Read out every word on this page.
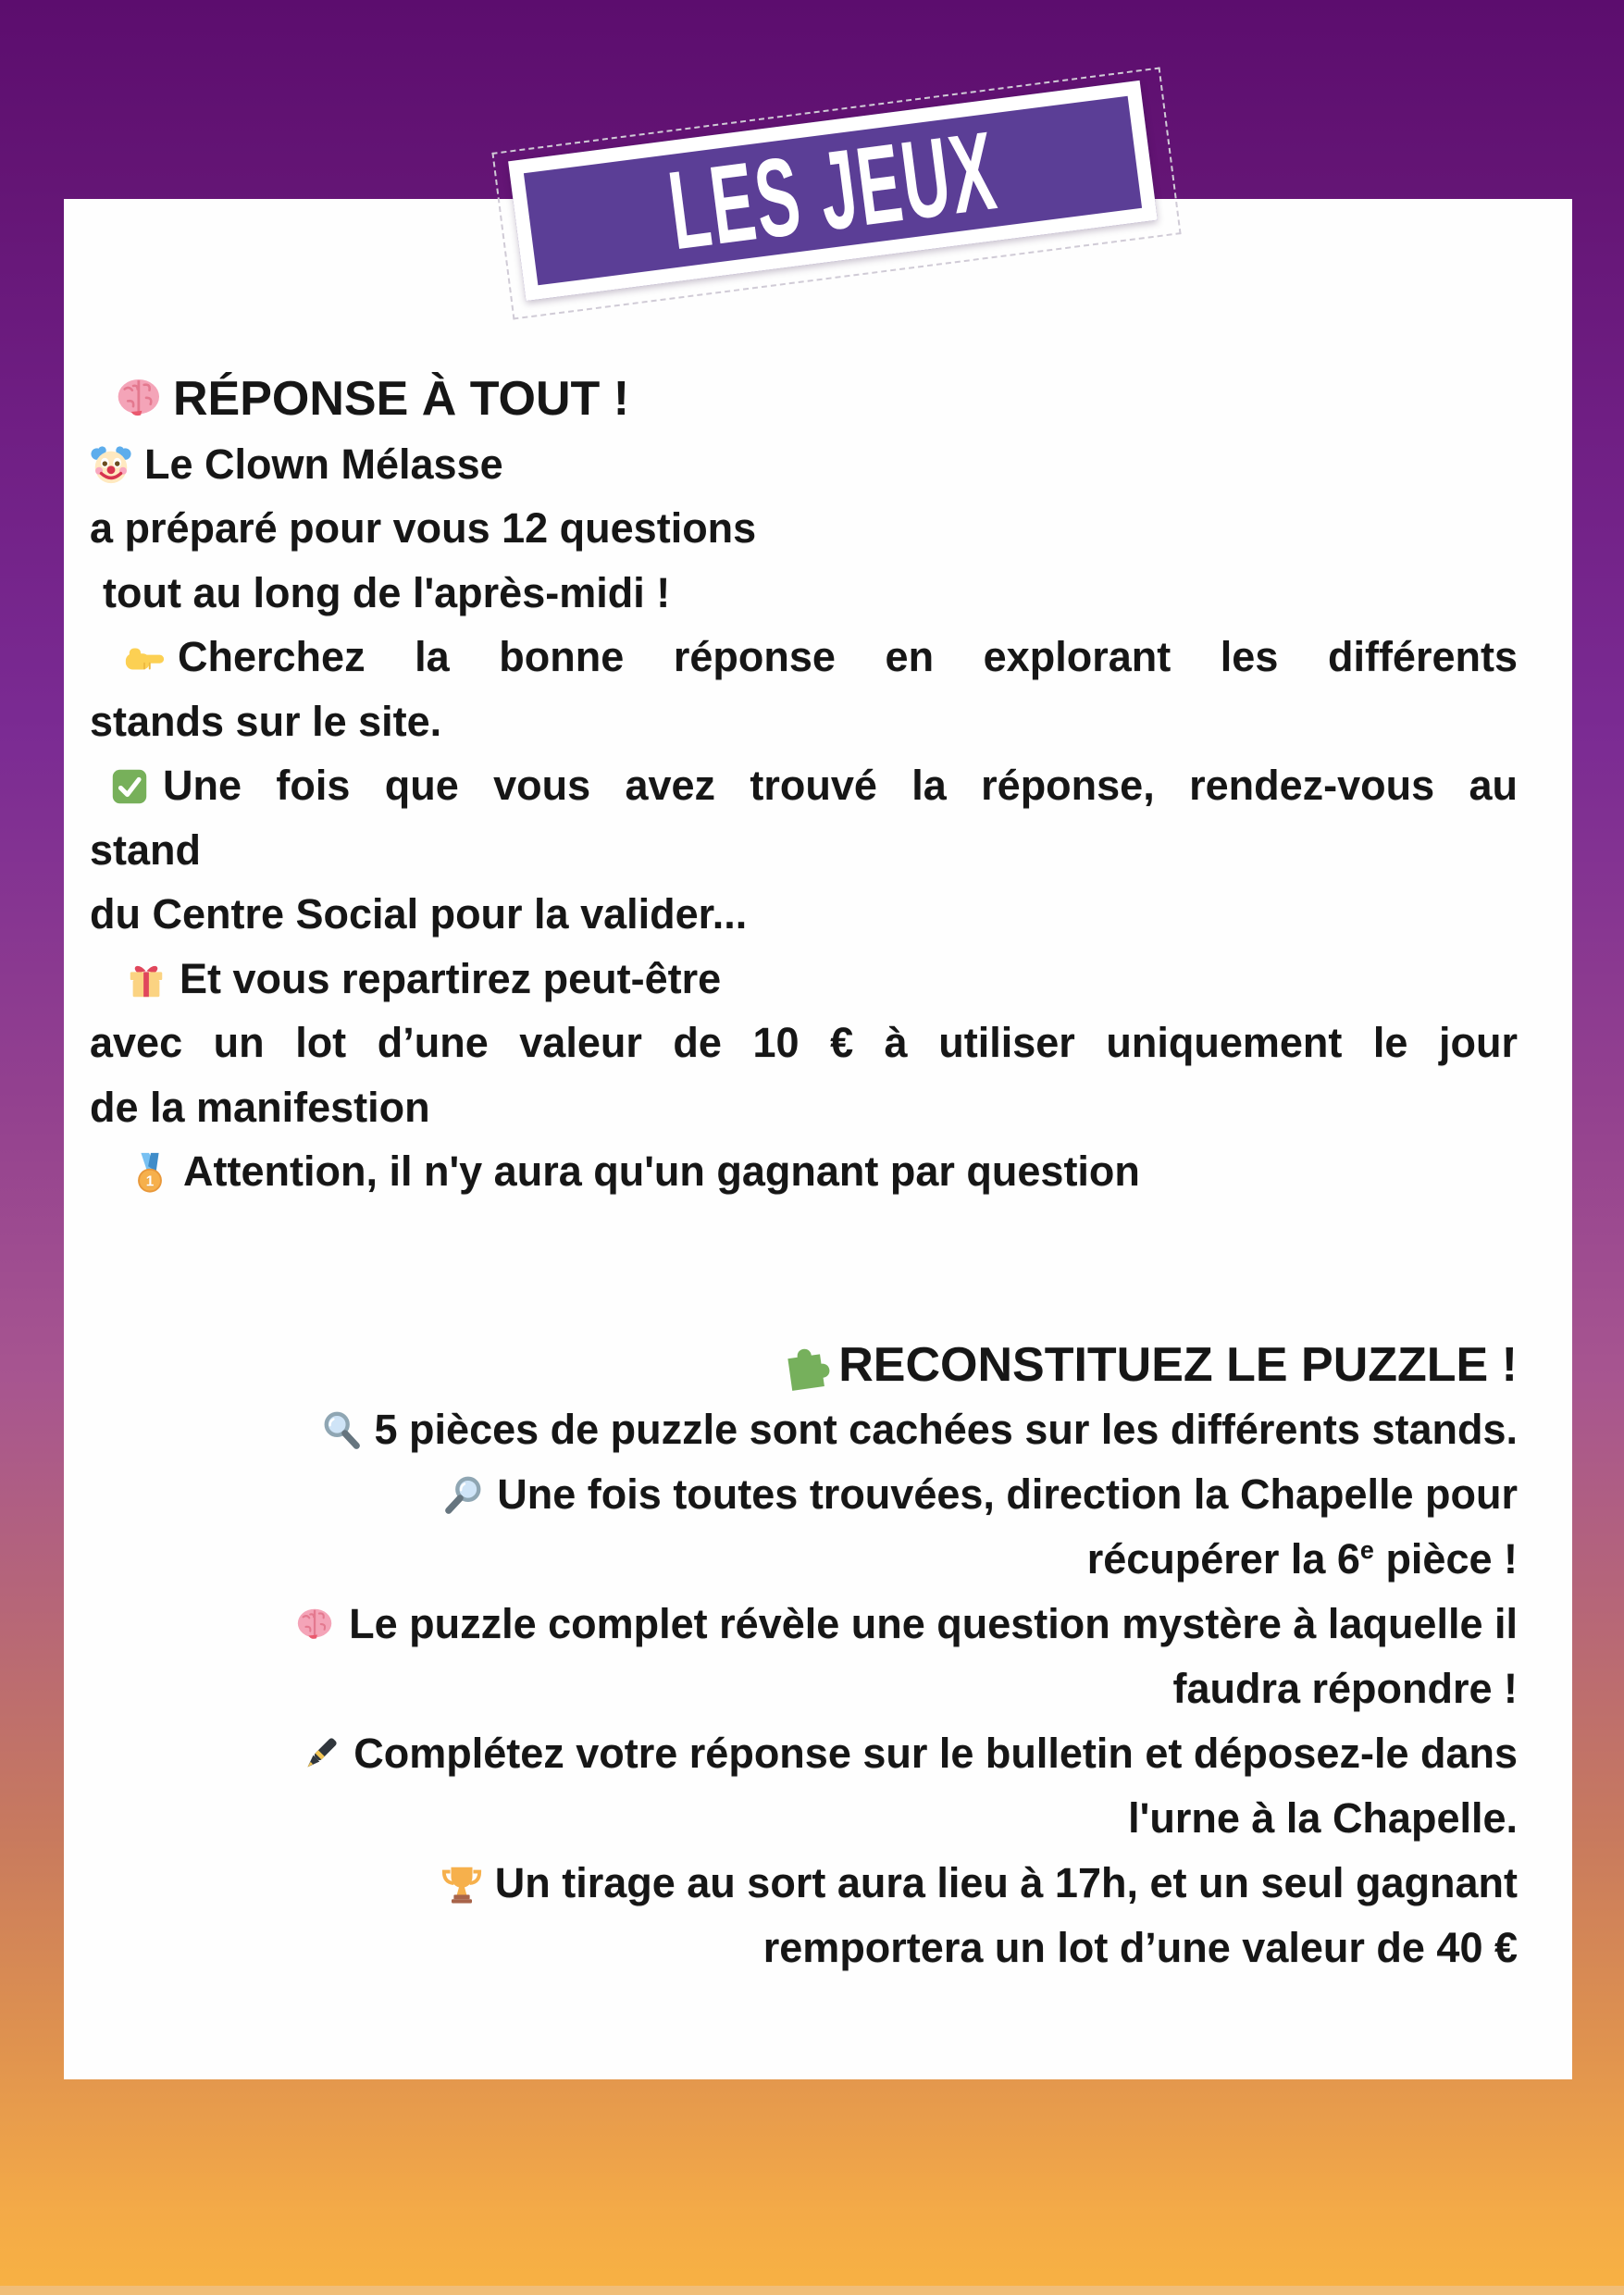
LES JEUX
RÉPONSE À TOUT !
Le Clown Mélasse
a préparé pour vous 12 questions
tout au long de l'après-midi !
Cherchez la bonne réponse en explorant les différents
stands sur le site.
Une fois que vous avez trouvé la réponse, rendez-vous au
stand
du Centre Social pour la valider...
Et vous repartirez peut-être
avec un lot d’une valeur de 10 € à utiliser uniquement le jour
de la manifestion
1 Attention, il n'y aura qu'un gagnant par question
RECONSTITUEZ LE PUZZLE !
5 pièces de puzzle sont cachées sur les différents stands.
Une fois toutes trouvées, direction la Chapelle pour
récupérer la 6e pièce !
Le puzzle complet révèle une question mystère à laquelle il
faudra répondre !
Complétez votre réponse sur le bulletin et déposez-le dans
l'urne à la Chapelle.
Un tirage au sort aura lieu à 17h, et un seul gagnant
remportera un lot d’une valeur de 40 €
